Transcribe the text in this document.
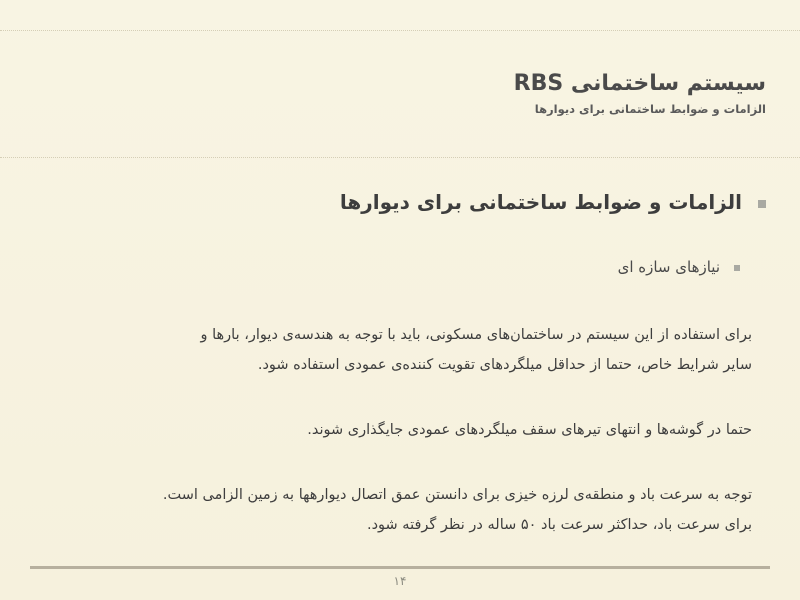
سیستم ساختمانی RBS
الزامات و ضوابط ساختمانی برای دیوارها
الزامات و ضوابط ساختمانی برای دیوارها
نیازهای سازه ای
برای استفاده از این سیستم در ساختمان‌های مسکونی، باید با توجه به هندسه‌ی دیوار، بارها و
سایر شرایط خاص، حتما از حداقل میلگردهای تقویت کننده‌ی عمودی استفاده شود.
حتما در گوشه‌ها و انتهای تیرهای سقف میلگردهای عمودی جایگذاری شوند.
توجه به سرعت باد و منطقه‌ی لرزه خیزی برای دانستن عمق اتصال دیوارهها به زمین الزامی است.
برای سرعت باد، حداکثر سرعت باد ۵۰ ساله در نظر گرفته شود.
۱۴
